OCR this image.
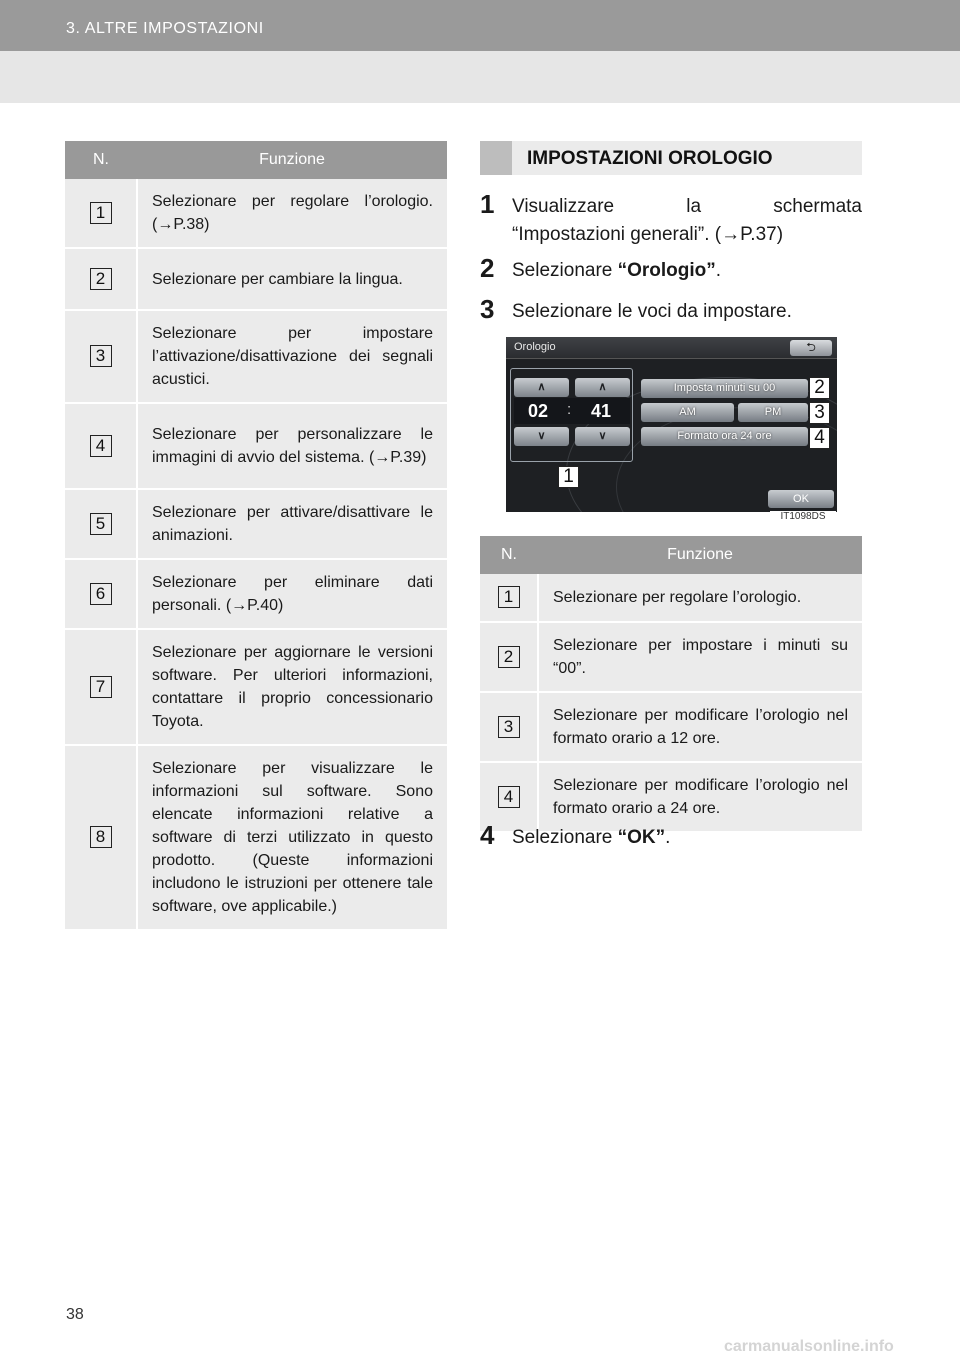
3. ALTRE IMPOSTAZIONI
N.	Funzione
1	Selezionare per regolare l’orologio. (→P.38)
2	Selezionare per cambiare la lingua.
3	Selezionare per impostare l’attivazione/disattivazione dei segnali acustici.
4	Selezionare per personalizzare le immagini di avvio del sistema. (→P.39)
5	Selezionare per attivare/disattivare le animazioni.
6	Selezionare per eliminare dati personali. (→P.40)
7	Selezionare per aggiornare le versioni software. Per ulteriori informazioni, contattare il proprio concessionario Toyota.
8	Selezionare per visualizzare le informazioni sul software. Sono elencate informazioni relative a software di terzi utilizzato in questo prodotto. (Queste informazioni includono le istruzioni per ottenere tale software, ove applicabile.)
IMPOSTAZIONI OROLOGIO
1 Visualizzare	la	schermata
“Impostazioni generali”. (→P.37)
2 Selezionare “Orologio”.
3 Selezionare le voci da impostare.
Orologio	⮌
∧	∧
02 : 41
∨	∨
Imposta minuti su 00
AM	PM
Formato ora 24 ore
2
3
4
1
OK
IT1098DS
N.	Funzione
1	Selezionare per regolare l’orologio.
2	Selezionare per impostare i minuti su “00”.
3	Selezionare per modificare l’orologio nel formato orario a 12 ore.
4	Selezionare per modificare l’orologio nel formato orario a 24 ore.
4 Selezionare “OK”.
38
carmanualsonline.info
